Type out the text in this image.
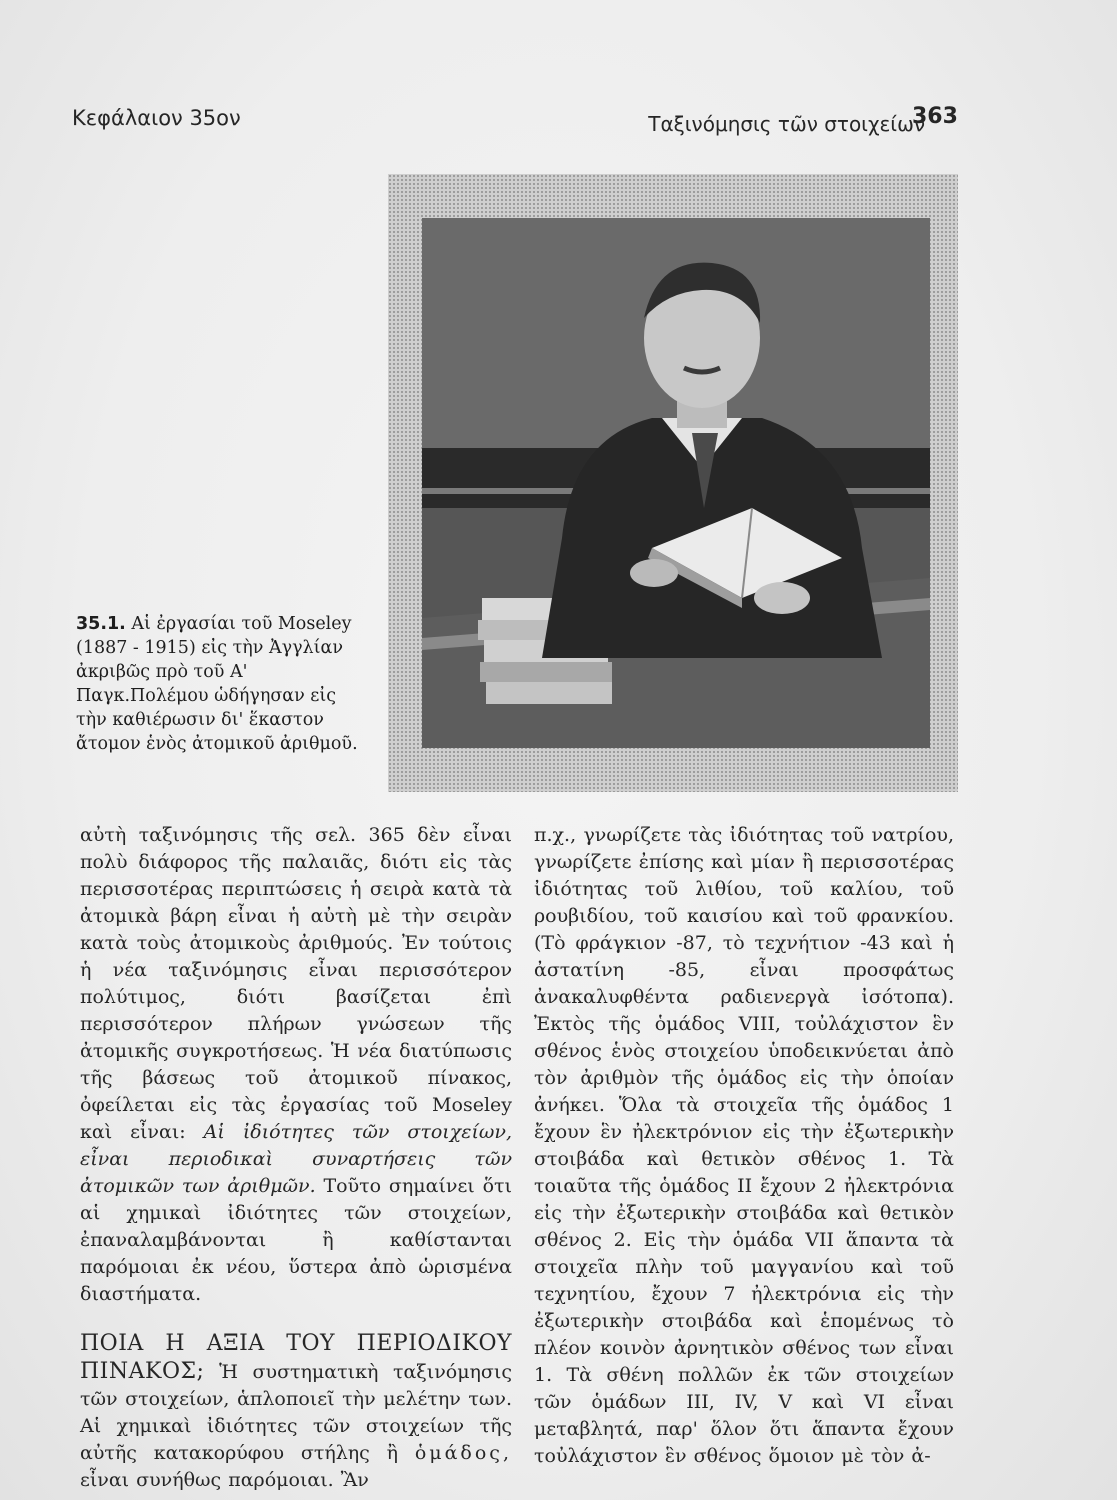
Κεφάλαιον 35ον	Ταξινόμησις τῶν στοιχείων
363
35.1. Αἱ ἐργασίαι τοῦ Moseley (1887 - 1915) εἰς τὴν Ἀγγλίαν ἀκριβῶς πρὸ τοῦ Α' Παγκ.Πολέμου ὡδήγησαν εἰς τὴν καθιέρωσιν δι' ἕκαστον ἄτομον ἑνὸς ἀτομικοῦ ἀριθμοῦ.

αὐτὴ ταξινόμησις τῆς σελ. 365 δὲν εἶναι πολὺ διάφορος τῆς παλαιᾶς, διότι εἰς τὰς περισσοτέρας περιπτώσεις ἡ σειρὰ κατὰ τὰ ἀτομικὰ βάρη εἶναι ἡ αὐτὴ μὲ τὴν σειρὰν κατὰ τοὺς ἀτομικοὺς ἀριθμούς. Ἐν τούτοις ἡ νέα ταξινόμησις εἶναι περισσότερον πολύτιμος, διότι βασίζεται ἐπὶ περισσότερον πλήρων γνώσεων τῆς ἀτομικῆς συγκροτήσεως. Ἡ νέα διατύπωσις τῆς βάσεως τοῦ ἀτομικοῦ πίνακος, ὀφείλεται εἰς τὰς ἐργασίας τοῦ Moseley καὶ εἶναι: Αἱ ἰδιότητες τῶν στοιχείων, εἶναι περιοδικαὶ συναρτήσεις τῶν ἀτομικῶν των ἀριθμῶν. Τοῦτο σημαίνει ὅτι αἱ χημικαὶ ἰδιότητες τῶν στοιχείων, ἐπαναλαμβάνονται ἢ καθίστανται παρόμοιαι ἐκ νέου, ὕστερα ἀπὸ ὡρισμένα διαστήματα.

ΠΟΙΑ Η ΑΞΙΑ ΤΟΥ ΠΕΡΙΟΔΙΚΟΥ ΠΙΝΑΚΟΣ; Ἡ συστηματικὴ ταξινόμησις τῶν στοιχείων, ἁπλοποιεῖ τὴν μελέτην των. Αἱ χημικαὶ ἰδιότητες τῶν στοιχείων τῆς αὐτῆς κατακορύφου στήλης ἢ ὁμάδος, εἶναι συνήθως παρόμοιαι. Ἂν

π.χ., γνωρίζετε τὰς ἰδιότητας τοῦ νατρίου, γνωρίζετε ἐπίσης καὶ μίαν ἢ περισσοτέρας ἰδιότητας τοῦ λιθίου, τοῦ καλίου, τοῦ ρουβιδίου, τοῦ καισίου καὶ τοῦ φρανκίου. (Τὸ φράγκιον -87, τὸ τεχνήτιον -43 καὶ ἡ ἀστατίνη -85, εἶναι προσφάτως ἀνακαλυφθέντα ραδιενεργὰ ἰσότοπα). Ἐκτὸς τῆς ὁμάδος VIII, τοὐλάχιστον ἓν σθένος ἑνὸς στοιχείου ὑποδεικνύεται ἀπὸ τὸν ἀριθμὸν τῆς ὁμάδος εἰς τὴν ὁποίαν ἀνήκει. Ὅλα τὰ στοιχεῖα τῆς ὁμάδος 1 ἔχουν ἓν ἠλεκτρόνιον εἰς τὴν ἐξωτερικὴν στοιβάδα καὶ θετικὸν σθένος 1. Τὰ τοιαῦτα τῆς ὁμάδος II ἔχουν 2 ἠλεκτρόνια εἰς τὴν ἐξωτερικὴν στοιβάδα καὶ θετικὸν σθένος 2. Εἰς τὴν ὁμάδα VII ἅπαντα τὰ στοιχεῖα πλὴν τοῦ μαγγανίου καὶ τοῦ τεχνητίου, ἔχουν 7 ἠλεκτρόνια εἰς τὴν ἐξωτερικὴν στοιβάδα καὶ ἑπομένως τὸ πλέον κοινὸν ἀρνητικὸν σθένος των εἶναι 1. Τὰ σθένη πολλῶν ἐκ τῶν στοιχείων τῶν ὁμάδων III, IV, V καὶ VI εἶναι μεταβλητά, παρ' ὅλον ὅτι ἅπαντα ἔχουν τοὐλάχιστον ἓν σθένος ὅμοιον μὲ τὸν ἀ-
